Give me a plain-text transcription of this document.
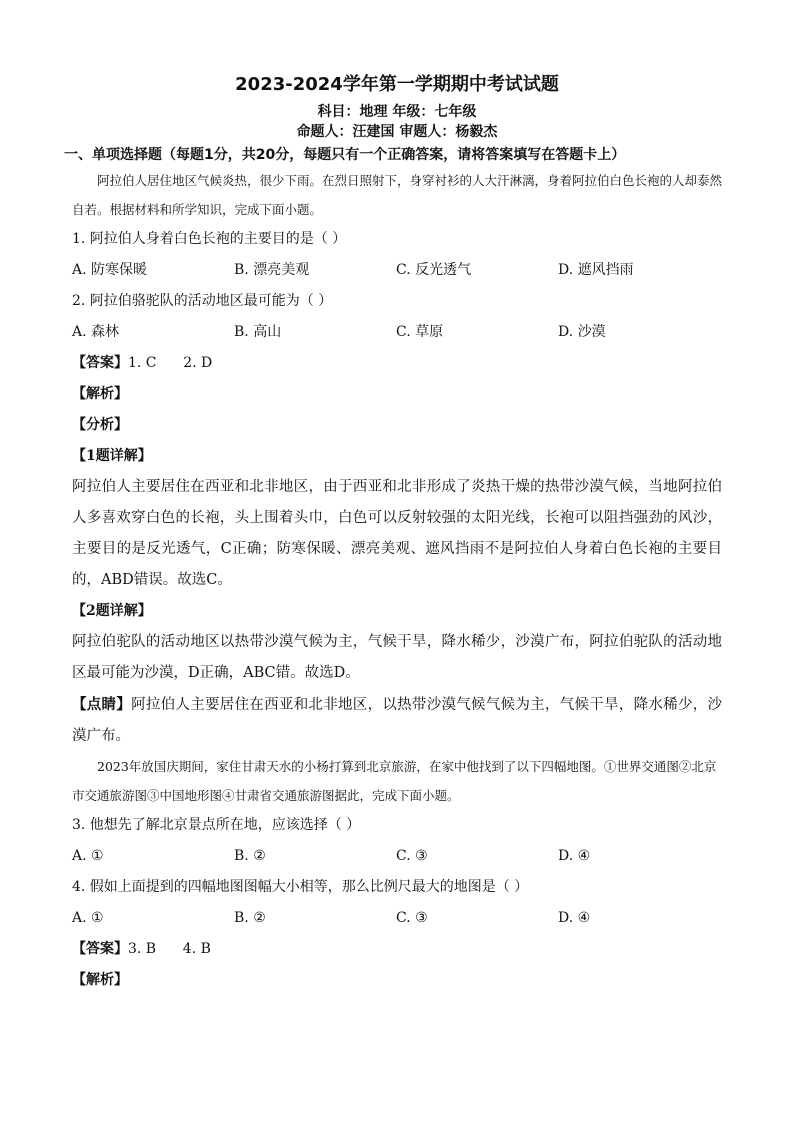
2023-2024学年第一学期期中考试试题
科目：地理 年级：七年级
命题人：汪建国 审题人：杨毅杰
一、单项选择题（每题1分，共20分，每题只有一个正确答案，请将答案填写在答题卡上）

阿拉伯人居住地区气候炎热，很少下雨。在烈日照射下，身穿衬衫的人大汗淋漓，身着阿拉伯白色长袍的人却泰然自若。根据材料和所学知识，完成下面小题。

1. 阿拉伯人身着白色长袍的主要目的是（ ）

A. 防寒保暖	B. 漂亮美观	C. 反光透气	D. 遮风挡雨

2. 阿拉伯骆驼队的活动地区最可能为（ ）

A. 森林	B. 高山	C. 草原	D. 沙漠

【答案】1. C      2. D

【解析】

【分析】

【1题详解】

阿拉伯人主要居住在西亚和北非地区，由于西亚和北非形成了炎热干燥的热带沙漠气候，当地阿拉伯人多喜欢穿白色的长袍，头上围着头巾，白色可以反射较强的太阳光线，长袍可以阻挡强劲的风沙，主要目的是反光透气，C正确；防寒保暖、漂亮美观、遮风挡雨不是阿拉伯人身着白色长袍的主要目的，ABD错误。故选C。

【2题详解】

阿拉伯驼队的活动地区以热带沙漠气候为主，气候干旱，降水稀少，沙漠广布，阿拉伯驼队的活动地区最可能为沙漠，D正确，ABC错。故选D。

【点睛】阿拉伯人主要居住在西亚和北非地区，以热带沙漠气候气候为主，气候干旱，降水稀少，沙漠广布。

2023年放国庆期间，家住甘肃天水的小杨打算到北京旅游，在家中他找到了以下四幅地图。①世界交通图②北京市交通旅游图③中国地形图④甘肃省交通旅游图据此，完成下面小题。

3. 他想先了解北京景点所在地，应该选择（ ）

A. ①	B. ②	C. ③	D. ④

4. 假如上面提到的四幅地图图幅大小相等，那么比例尺最大的地图是（ ）

A. ①	B. ②	C. ③	D. ④

【答案】3. B      4. B

【解析】
